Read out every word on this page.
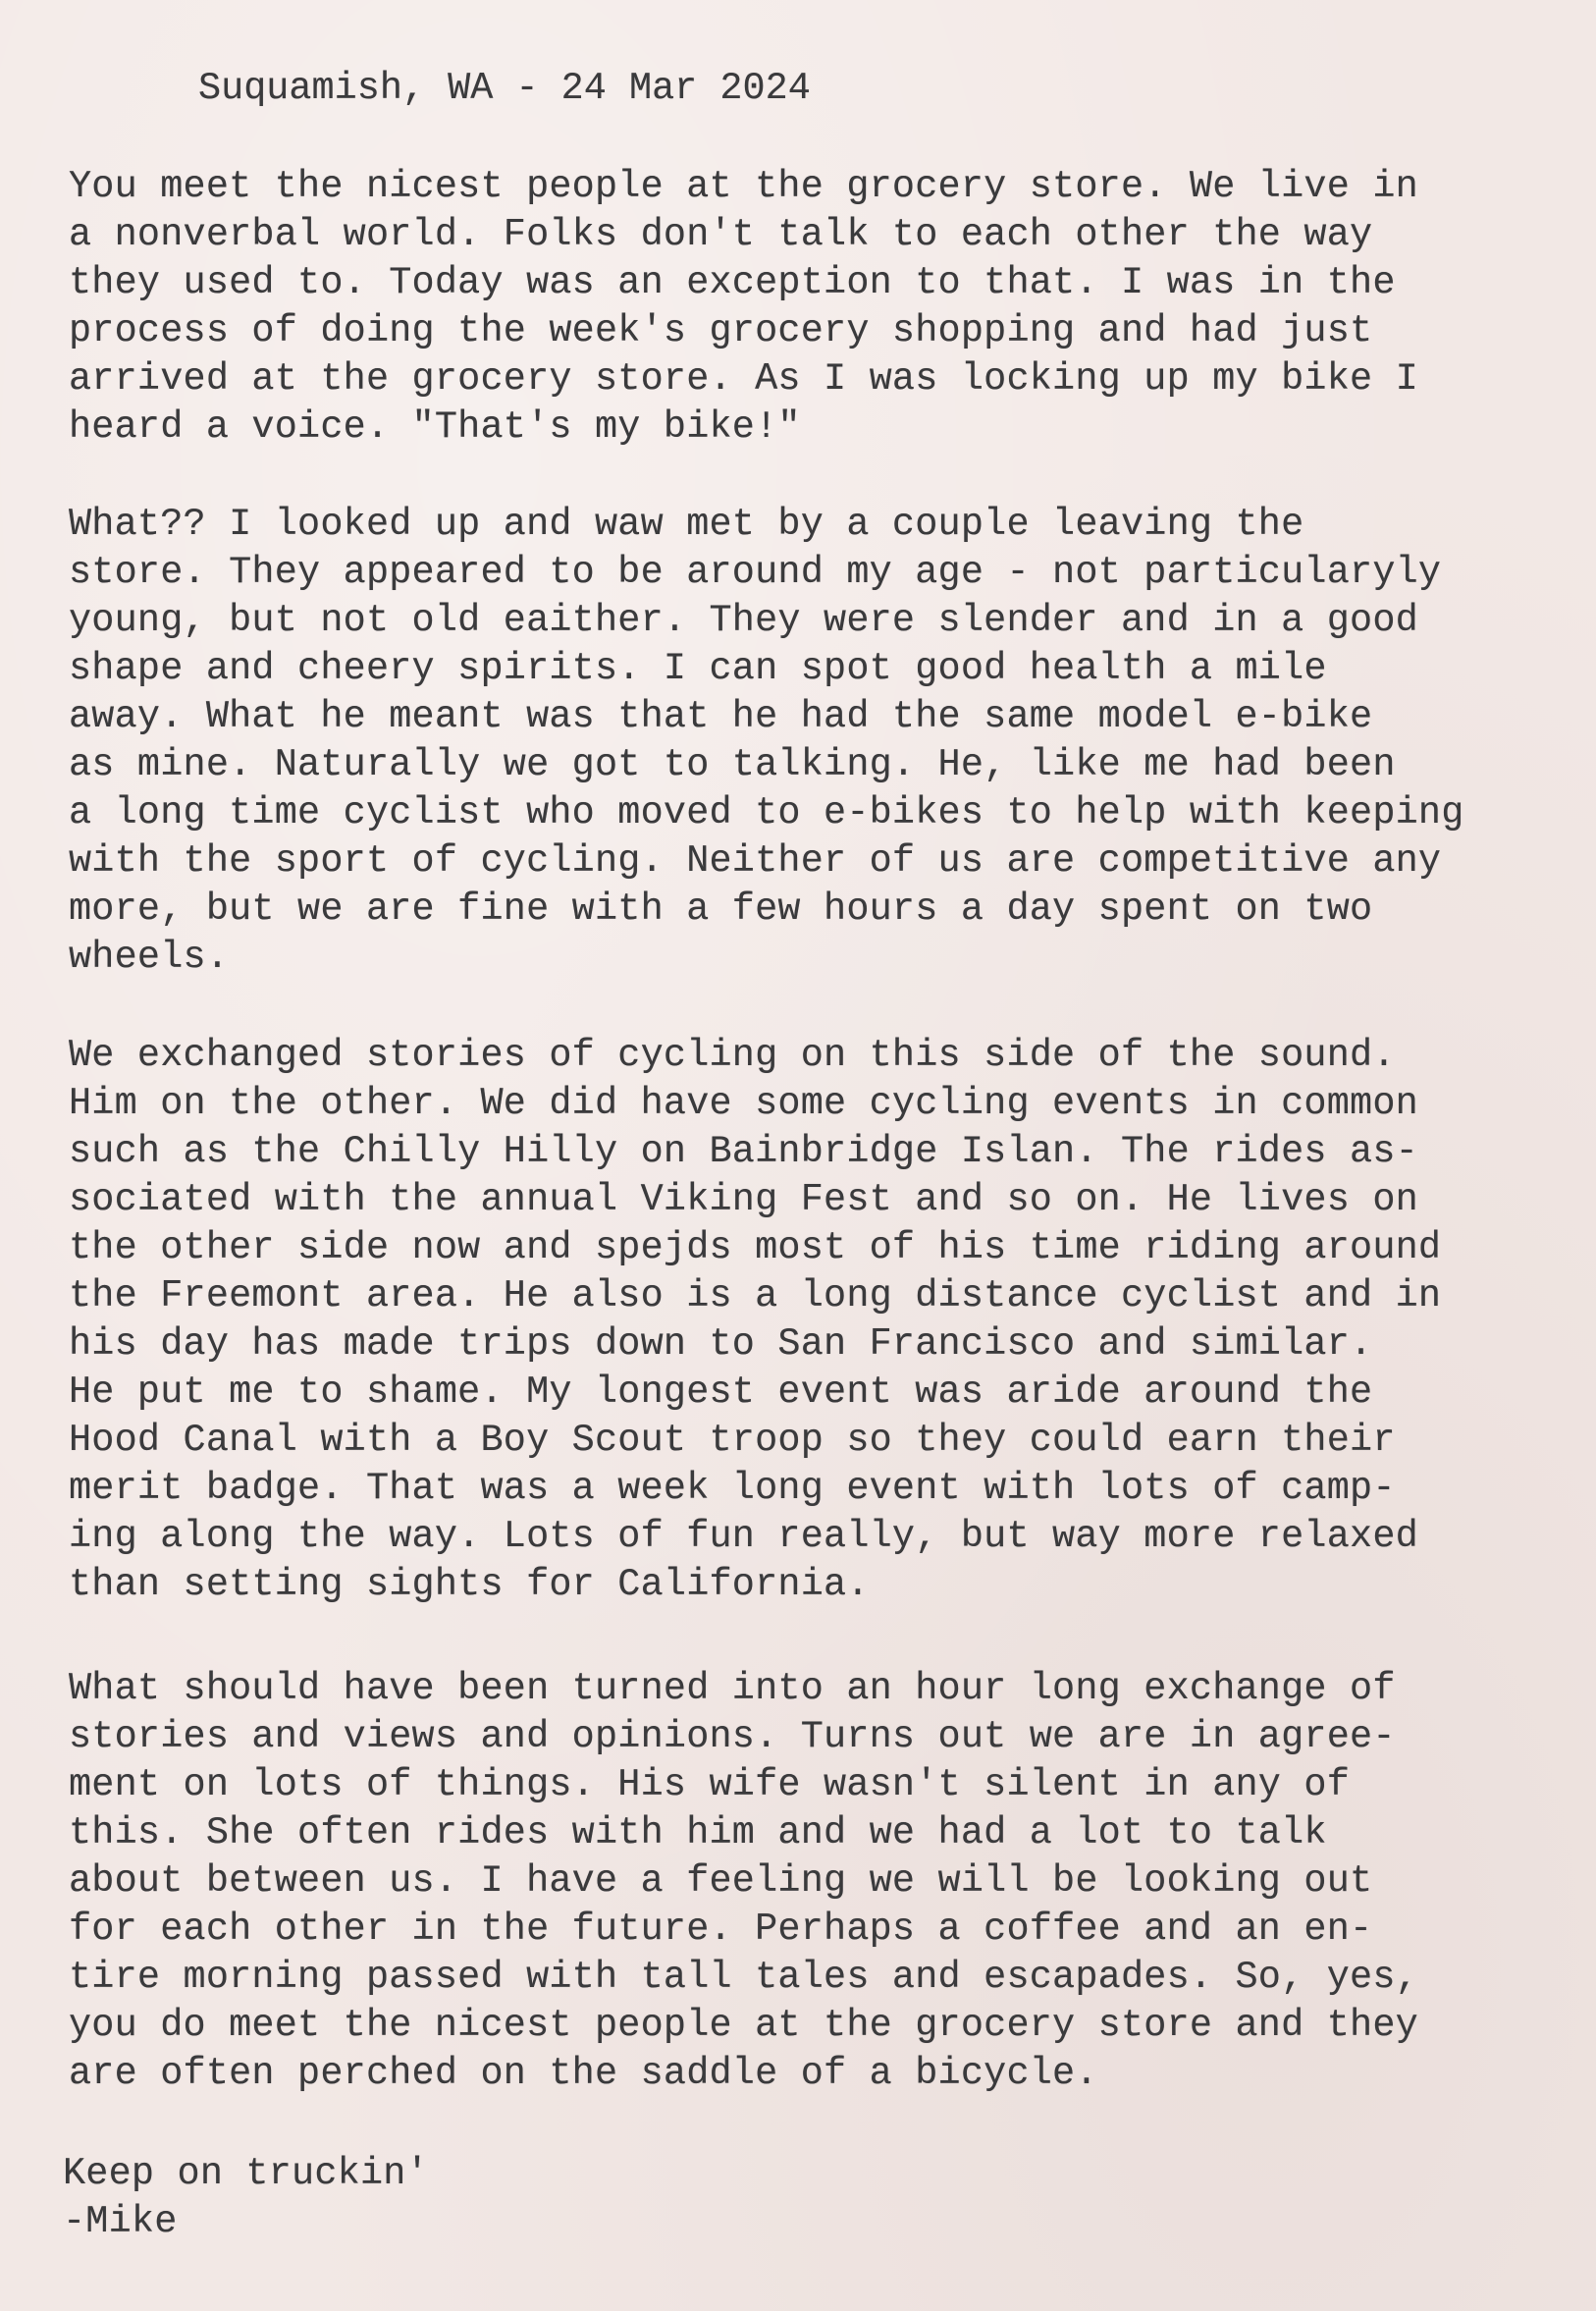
Suquamish, WA - 24 Mar 2024
You meet the nicest people at the grocery store. We live in
a nonverbal world. Folks don't talk to each other the way
they used to. Today was an exception to that. I was in the
process of doing the week's grocery shopping and had just
arrived at the grocery store. As I was locking up my bike I
heard a voice. "That's my bike!"
What?? I looked up and waw met by a couple leaving the
store. They appeared to be around my age - not particularyly
young, but not old eaither. They were slender and in a good
shape and cheery spirits. I can spot good health a mile
away. What he meant was that he had the same model e-bike
as mine. Naturally we got to talking. He, like me had been
a long time cyclist who moved to e-bikes to help with keeping
with the sport of cycling. Neither of us are competitive any
more, but we are fine with a few hours a day spent on two
wheels.
We exchanged stories of cycling on this side of the sound.
Him on the other. We did have some cycling events in common
such as the Chilly Hilly on Bainbridge Islan. The rides as-
sociated with the annual Viking Fest and so on. He lives on
the other side now and spejds most of his time riding around
the Freemont area. He also is a long distance cyclist and in
his day has made trips down to San Francisco and similar.
He put me to shame. My longest event was aride around the
Hood Canal with a Boy Scout troop so they could earn their
merit badge. That was a week long event with lots of camp-
ing along the way. Lots of fun really, but way more relaxed
than setting sights for California.
What should have been turned into an hour long exchange of
stories and views and opinions. Turns out we are in agree-
ment on lots of things. His wife wasn't silent in any of
this. She often rides with him and we had a lot to talk
about between us. I have a feeling we will be looking out
for each other in the future. Perhaps a coffee and an en-
tire morning passed with tall tales and escapades. So, yes,
you do meet the nicest people at the grocery store and they
are often perched on the saddle of a bicycle.
Keep on truckin'
-Mike
